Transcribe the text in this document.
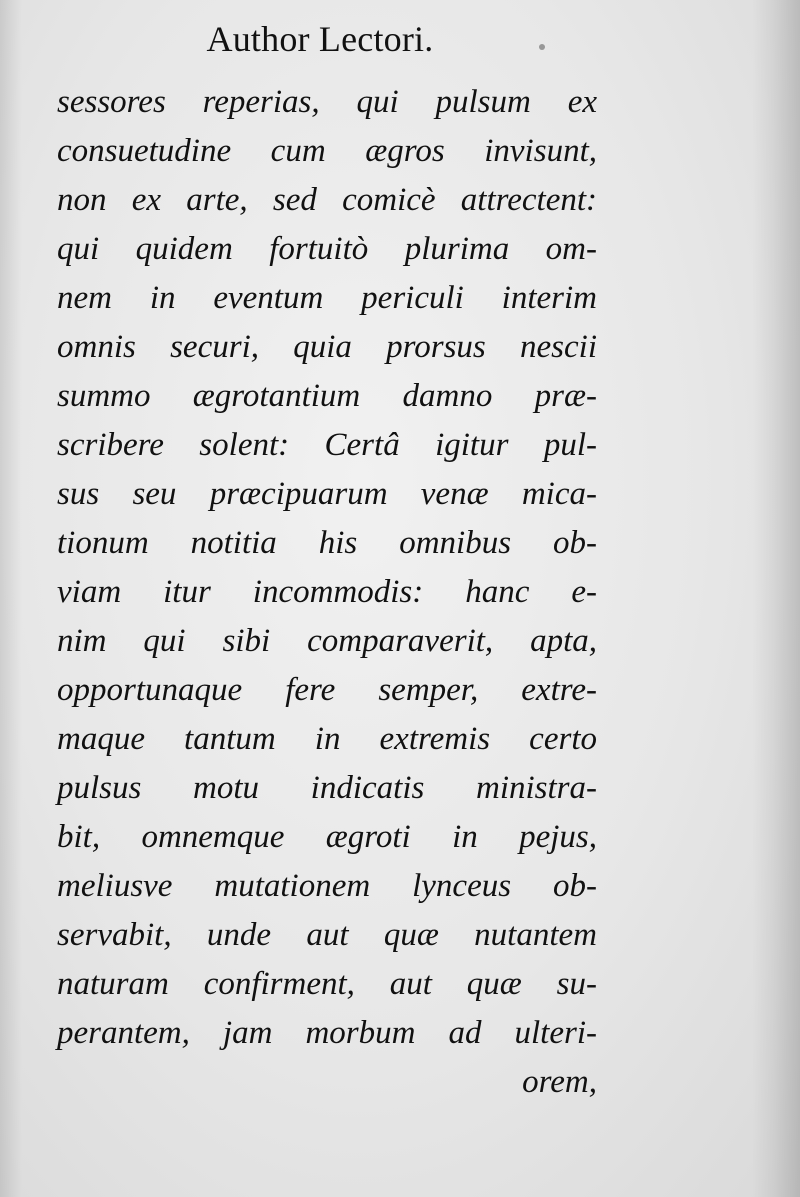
Author Lectori.
sessores reperias, qui pulsum ex
consuetudine cum ægros invisunt,
non ex arte, sed comicè attrectent:
qui quidem fortuitò plurima om-
nem in eventum periculi interim
omnis securi, quia prorsus nescii
summo ægrotantium damno præ-
scribere solent: Certâ igitur pul-
sus seu præcipuarum venæ mica-
tionum notitia his omnibus ob-
viam itur incommodis: hanc e-
nim qui sibi comparaverit, apta,
opportunaque fere semper, extre-
maque tantum in extremis certo
pulsus motu indicatis ministra-
bit, omnemque ægroti in pejus,
meliusve mutationem lynceus ob-
servabit, unde aut quæ nutantem
naturam confirment, aut quæ su-
perantem, jam morbum ad ulteri-
orem,
